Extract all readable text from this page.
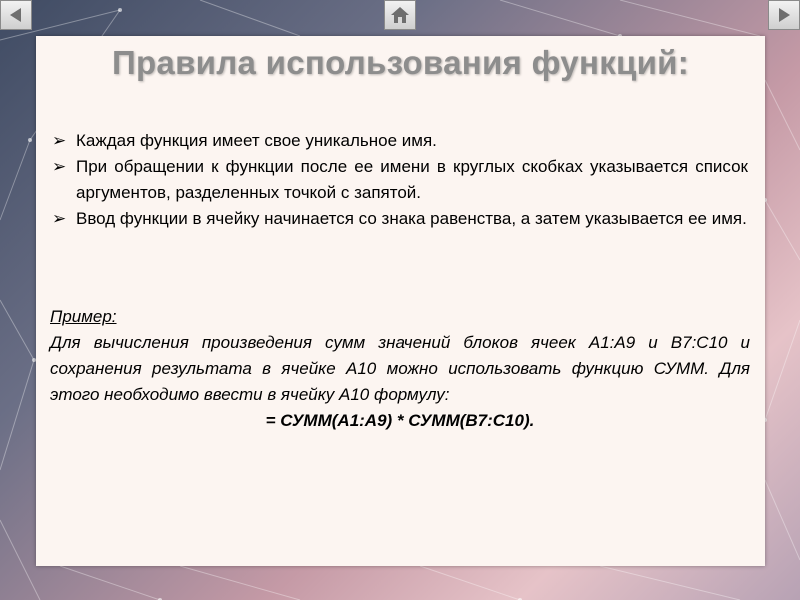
Правила использования функций:
➢ Каждая функция имеет свое уникальное имя.
➢ При обращении к функции после ее имени в круглых скобках указывается список аргументов, разделенных точкой с запятой.
➢ Ввод функции в ячейку начинается со знака равенства, а затем указывается ее имя.
Пример:
Для вычисления произведения сумм значений блоков ячеек A1:A9 и B7:C10 и сохранения результата в ячейке A10 можно использовать функцию СУММ. Для этого необходимо ввести в ячейку A10 формулу:
= СУММ(A1:A9) * СУММ(B7:C10).
